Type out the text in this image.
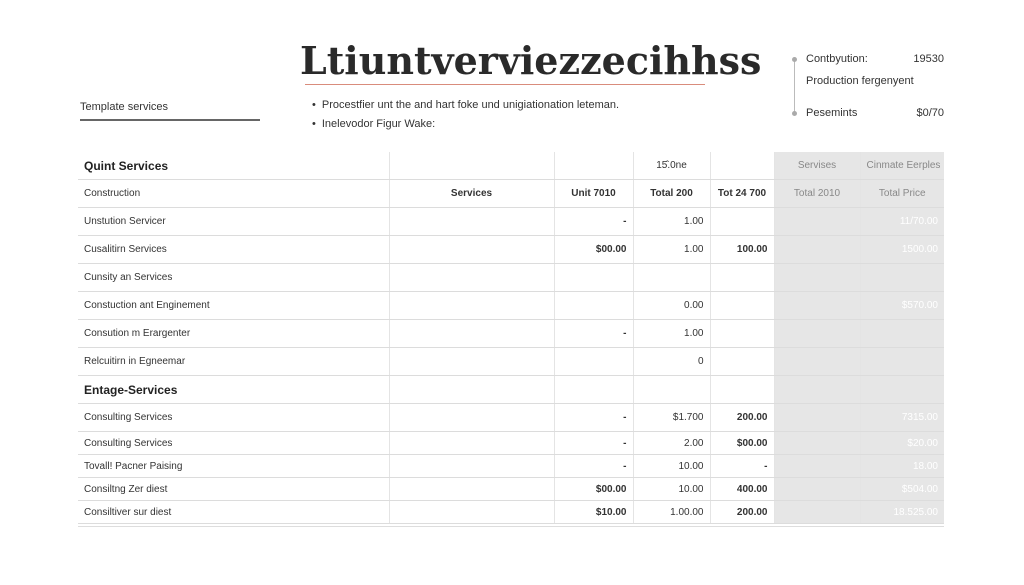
Ltiuntverviezzecihhss
Template services	• Procestfier unt the and hart foke und unigiationation leteman.
• Inelevodor Figur Wake:
Contbyution:	19530
Production fergenyent
Pesemints	$0/70
Quint Services			15̂.0ne		Servises	Cinmate Eerples
Construction	Services	Unit 7010	Total 200	Tot 24 700	Total 2010	Total Price
Unstution Servicer		-	1.00			11/70.00
Cusalitirn Services		$00.00	1.00	100.00		1500.00
Cunsity an Services						
Constuction ant Enginement			0.00			$570.00
Consution m Erargenter		-	1.00			
Relcuitirn in Egneemar			0			
Entage-Services						
Consulting Services		-	$1.700	200.00		7315.00
Consulting Services		-	2.00	$00.00		$20.00
Tovall! Pacner Paising		-	10.00	-		18.00
Consiltng Zer diest		$00.00	10.00	400.00		$504.00
Consiltiver sur diest		$10.00	1.00.00	200.00		18.525.00
